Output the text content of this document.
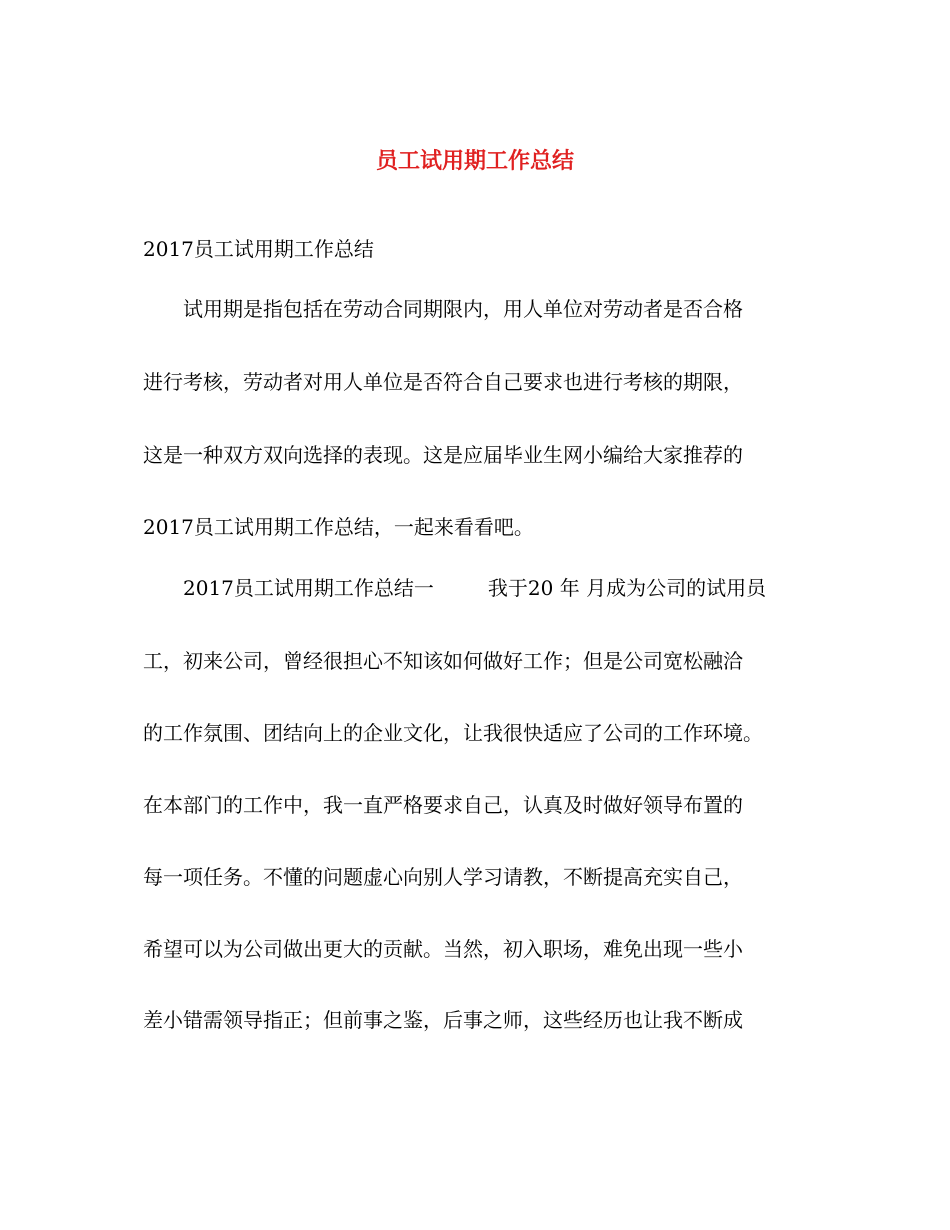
员工试用期工作总结
2017员工试用期工作总结
　　试用期是指包括在劳动合同期限内，用人单位对劳动者是否合格
进行考核，劳动者对用人单位是否符合自己要求也进行考核的期限，
这是一种双方双向选择的表现。这是应届毕业生网小编给大家推荐的
2017员工试用期工作总结，一起来看看吧。
　　2017员工试用期工作总结一	我于20 年 月成为公司的试用员
工，初来公司，曾经很担心不知该如何做好工作；但是公司宽松融洽
的工作氛围、团结向上的企业文化，让我很快适应了公司的工作环境。
在本部门的工作中，我一直严格要求自己，认真及时做好领导布置的
每一项任务。不懂的问题虚心向别人学习请教，不断提高充实自己，
希望可以为公司做出更大的贡献。当然，初入职场，难免出现一些小
差小错需领导指正；但前事之鉴，后事之师，这些经历也让我不断成
